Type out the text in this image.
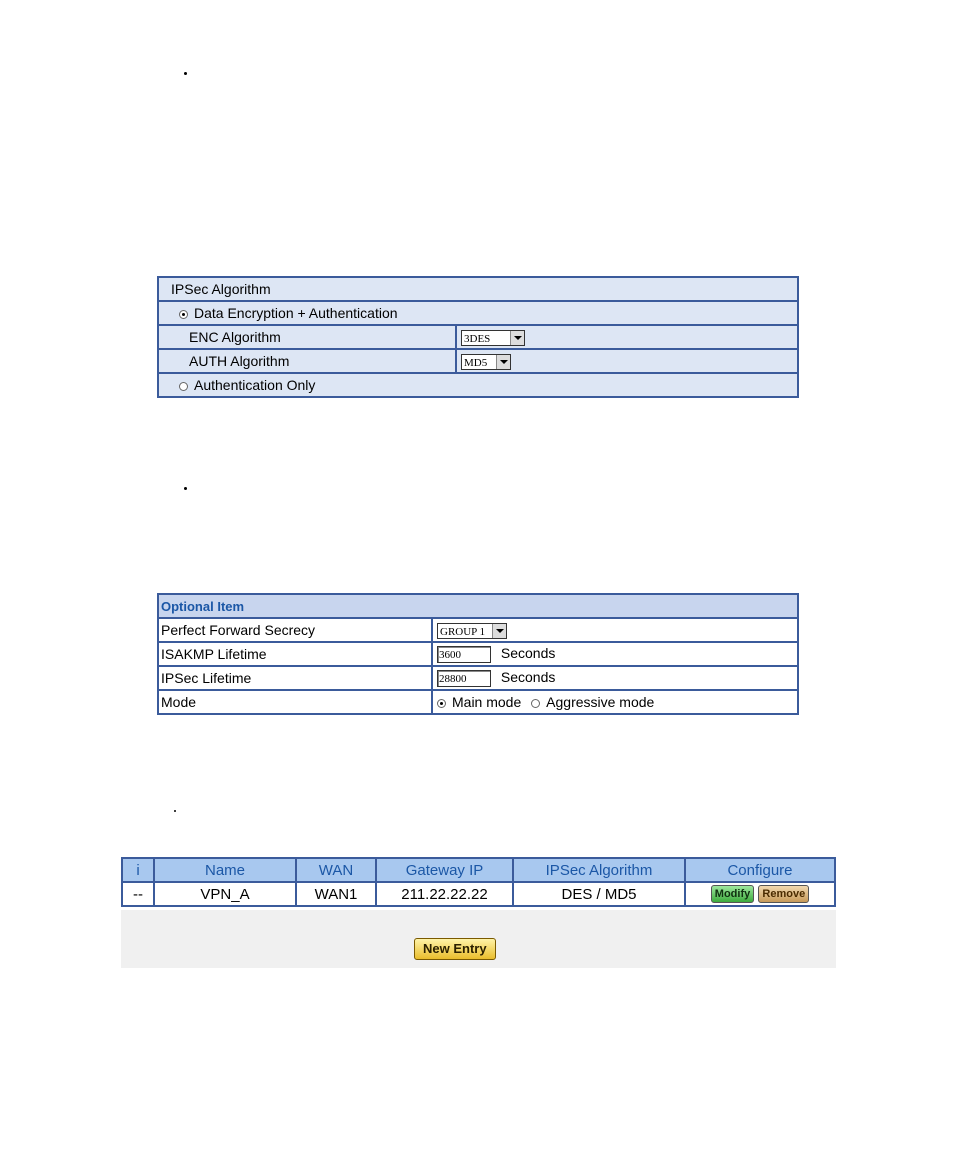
IPSec Algorithm	
Data Encryption + Authentication	
ENC Algorithm	3DES

AUTH Algorithm	MD5

Authentication Only	
Optional Item	
Perfect Forward Secrecy	GROUP 1

ISAKMP Lifetime	3600 Seconds
IPSec Lifetime	28800 Seconds
Mode	Main mode Aggressive mode
i	Name	WAN	Gateway IP	IPSec Algorithm	Configure
--	VPN_A	WAN1	211.22.22.22	DES / MD5	Modify Remove
New Entry
